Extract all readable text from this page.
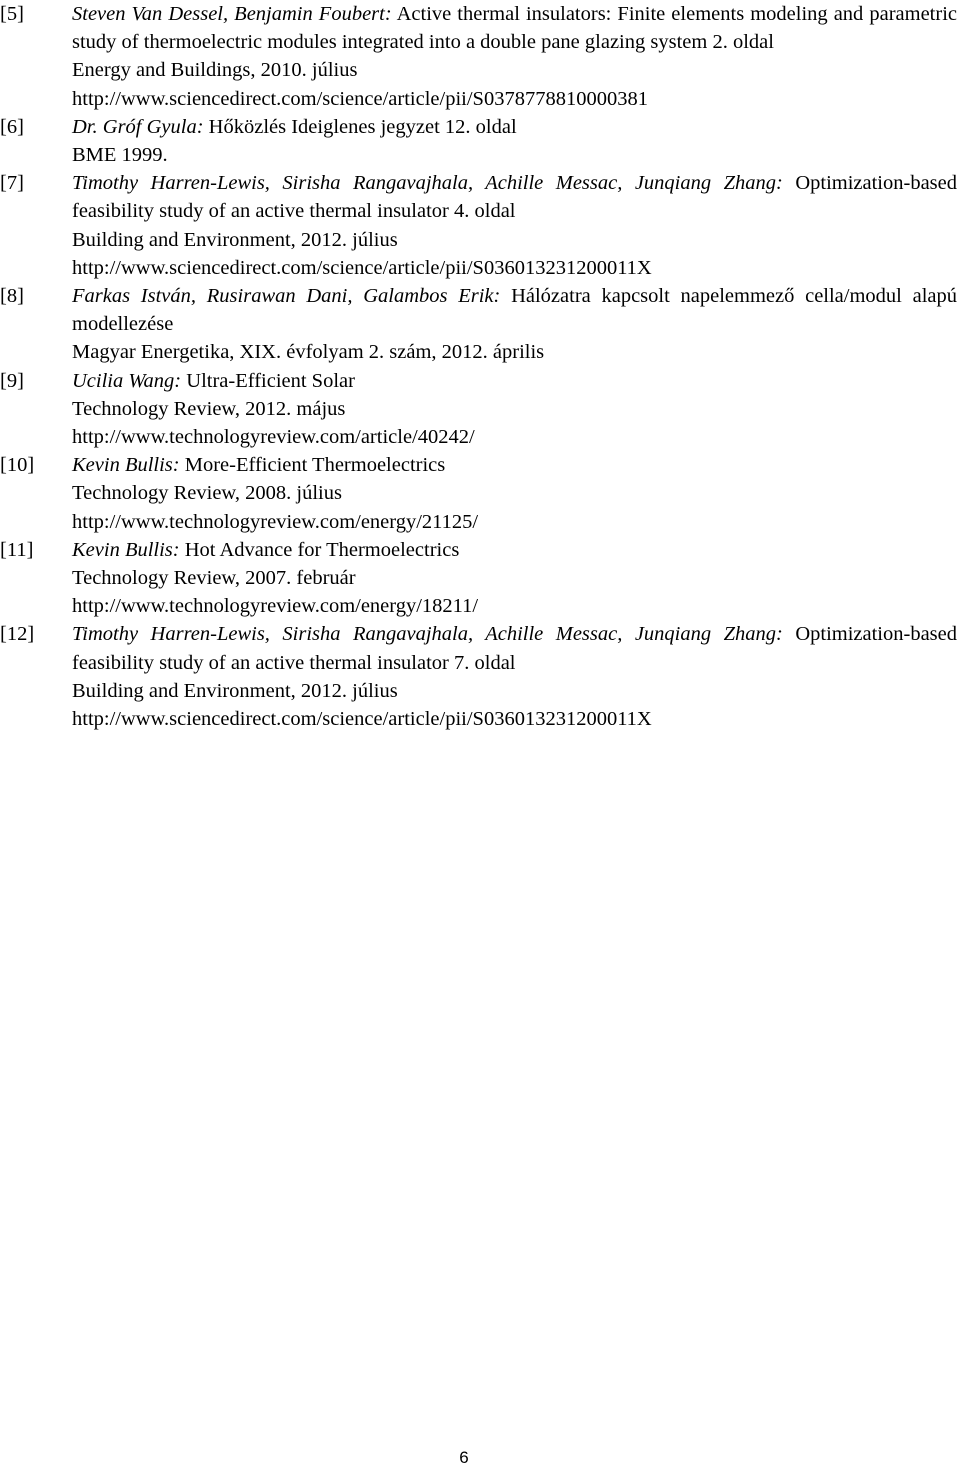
[5]	Steven Van Dessel, Benjamin Foubert: Active thermal insulators: Finite elements modeling and parametric study of thermoelectric modules integrated into a double pane glazing system 2. oldal
Energy and Buildings, 2010. július
http://www.sciencedirect.com/science/article/pii/S0378778810000381
[6]	Dr. Gróf Gyula: Hőközlés Ideiglenes jegyzet 12. oldal
BME 1999.
[7]	Timothy Harren-Lewis, Sirisha Rangavajhala, Achille Messac, Junqiang Zhang: Optimization-based feasibility study of an active thermal insulator 4. oldal
Building and Environment, 2012. július
http://www.sciencedirect.com/science/article/pii/S036013231200011X
[8]	Farkas István, Rusirawan Dani, Galambos Erik: Hálózatra kapcsolt napelemmező cella/modul alapú modellezése
Magyar Energetika, XIX. évfolyam 2. szám, 2012. április
[9]	Ucilia Wang: Ultra-Efficient Solar
Technology Review, 2012. május
http://www.technologyreview.com/article/40242/
[10]	Kevin Bullis: More-Efficient Thermoelectrics
Technology Review, 2008. július
http://www.technologyreview.com/energy/21125/
[11]	Kevin Bullis: Hot Advance for Thermoelectrics
Technology Review, 2007. február
http://www.technologyreview.com/energy/18211/
[12]	Timothy Harren-Lewis, Sirisha Rangavajhala, Achille Messac, Junqiang Zhang: Optimization-based feasibility study of an active thermal insulator 7. oldal
Building and Environment, 2012. július
http://www.sciencedirect.com/science/article/pii/S036013231200011X
6
